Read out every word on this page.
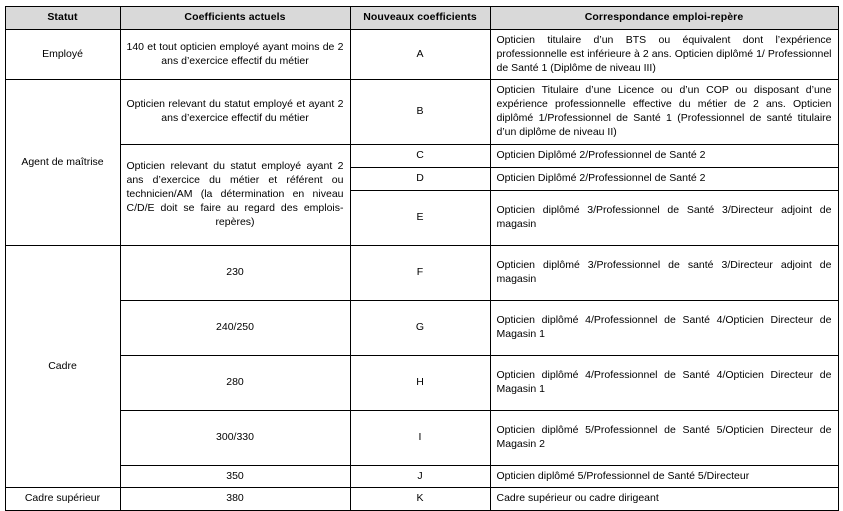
Statut	Coefficients actuels	Nouveaux coefficients	Correspondance emploi-repère
Employé	140 et tout opticien employé ayant moins de 2 ans d’exercice effectif du métier	A	Opticien titulaire d’un BTS ou équivalent dont l’expérience professionnelle est inférieure à 2 ans. Opticien diplômé 1/ Professionnel de Santé 1 (Diplôme de niveau III)
Agent de maîtrise	Opticien relevant du statut employé et ayant 2 ans d’exercice effectif du métier	B	Opticien Titulaire d’une Licence ou d’un COP ou disposant d’une expérience professionnelle effective du métier de 2 ans. Opticien diplômé 1/Professionnel de Santé 1 (Professionnel de santé titulaire d’un diplôme de niveau II)
	Opticien relevant du statut employé ayant 2 ans d’exercice du métier et référent ou technicien/AM (la détermination en niveau C/D/E doit se faire au regard des emplois-repères)	C	Opticien Diplômé 2/Professionnel de Santé 2
		D	Opticien Diplômé 2/Professionnel de Santé 2
		E	Opticien diplômé 3/Professionnel de Santé 3/Directeur adjoint de magasin
Cadre	230	F	Opticien diplômé 3/Professionnel de santé 3/Directeur adjoint de magasin
	240/250	G	Opticien diplômé 4/Professionnel de Santé 4/Opticien Directeur de Magasin 1
	280	H	Opticien diplômé 4/Professionnel de Santé 4/Opticien Directeur de Magasin 1
	300/330	I	Opticien diplômé 5/Professionnel de Santé 5/Opticien Directeur de Magasin 2
	350	J	Opticien diplômé 5/Professionnel de Santé 5/Directeur
Cadre supérieur	380	K	Cadre supérieur ou cadre dirigeant
